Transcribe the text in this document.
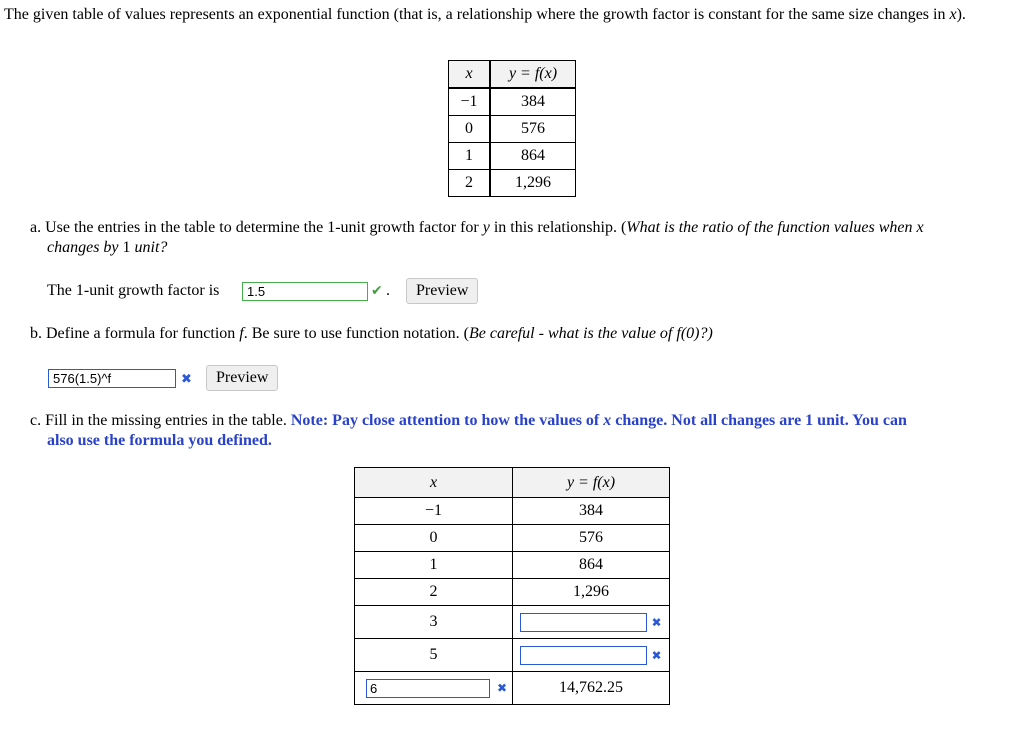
The given table of values represents an exponential function (that is, a relationship where the growth factor is constant for the same size changes in x).
x	y = f(x)
−1	384
0	576
1	864
2	1,296
a. Use the entries in the table to determine the 1-unit growth factor for y in this relationship. (What is the ratio of the function values when x
changes by 1 unit?
The 1-unit growth factor is	1.5	✔ .	Preview
b. Define a formula for function f. Be sure to use function notation. (Be careful - what is the value of f(0)?)
576(1.5)^f	✖	Preview
c. Fill in the missing entries in the table. Note: Pay close attention to how the values of x change. Not all changes are 1 unit. You can
also use the formula you defined.
x	y = f(x)
−1	384
0	576
1	864
2	1,296
3	✖
5	✖
6 ✖	14,762.25
